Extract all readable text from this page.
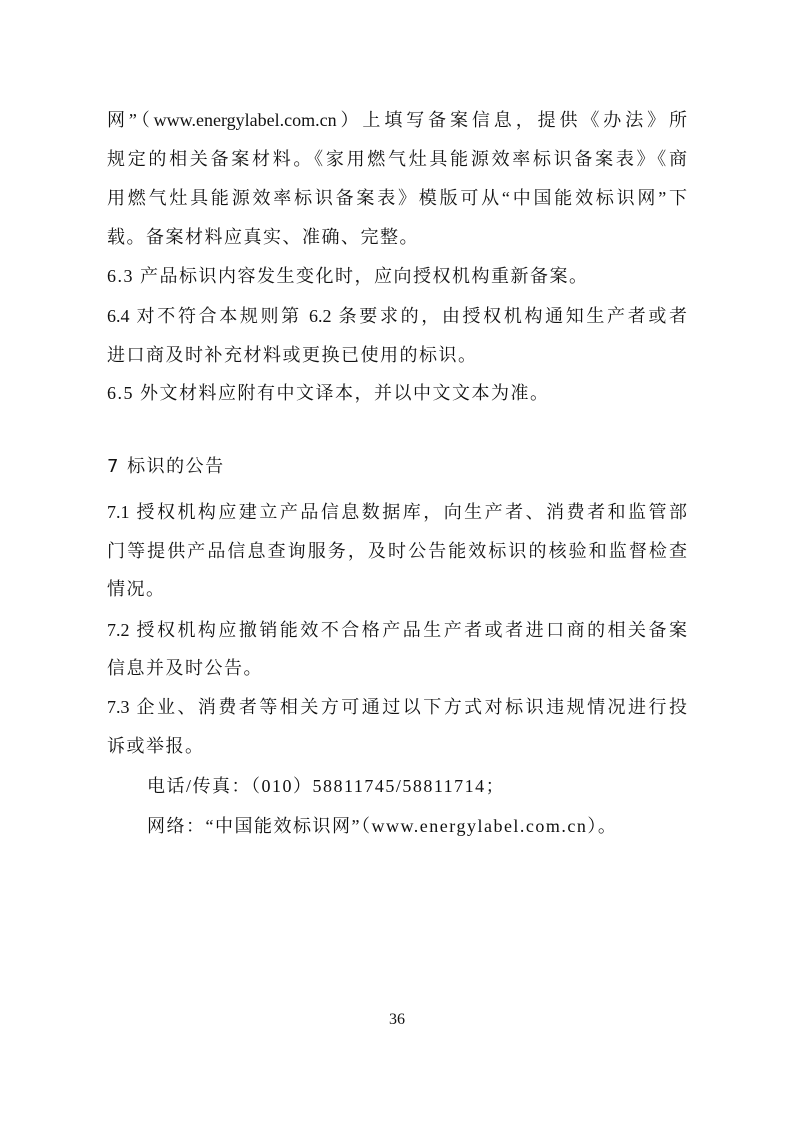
网”（www.energylabel.com.cn）上填写备案信息，提供《办法》所
规定的相关备案材料。《家用燃气灶具能源效率标识备案表》《商
用燃气灶具能源效率标识备案表》模版可从“中国能效标识网”下
载。备案材料应真实、准确、完整。
6.3 产品标识内容发生变化时，应向授权机构重新备案。
6.4 对不符合本规则第 6.2 条要求的，由授权机构通知生产者或者
进口商及时补充材料或更换已使用的标识。
6.5 外文材料应附有中文译本，并以中文文本为准。
7 标识的公告
7.1 授权机构应建立产品信息数据库，向生产者、消费者和监管部
门等提供产品信息查询服务，及时公告能效标识的核验和监督检查
情况。
7.2 授权机构应撤销能效不合格产品生产者或者进口商的相关备案
信息并及时公告。
7.3 企业、消费者等相关方可通过以下方式对标识违规情况进行投
诉或举报。
电话/传真：（010）58811745/58811714；
网络：“中国能效标识网”（www.energylabel.com.cn）。
36
